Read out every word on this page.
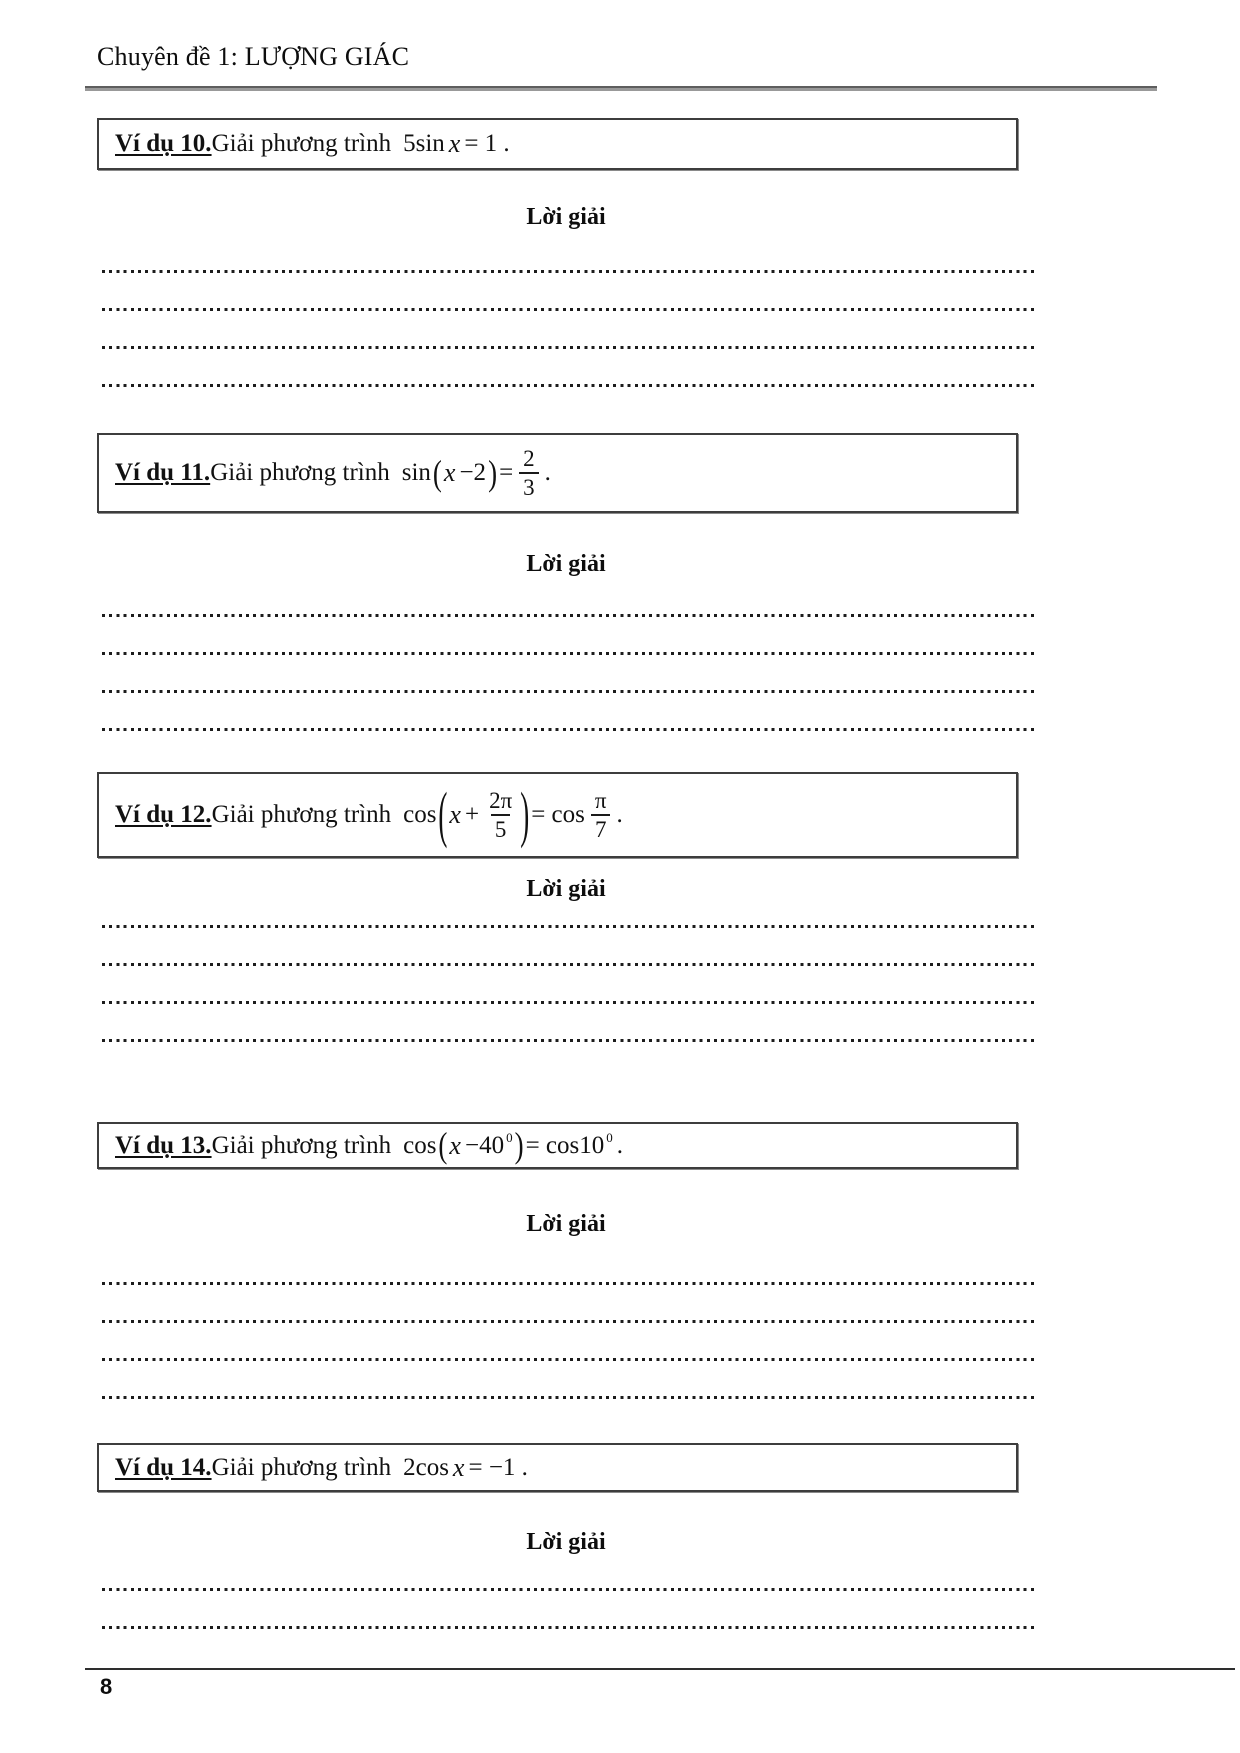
Chuyên đề 1: LƯỢNG GIÁC
Ví dụ 10. Giải phương trình 5sin x = 1 .
Lời giải
Ví dụ 11. Giải phương trình sin ( x −2 ) = $\frac{2}{3}$ .
Lời giải
Ví dụ 12. Giải phương trình cos ( $x + \frac{2\pi}{5}$ ) = $\cos \frac{\pi}{7}$ .
Lời giải
Ví dụ 13. Giải phương trình cos ( x −40 0 ) = cos10 0 .
Lời giải
Ví dụ 14. Giải phương trình 2cos x = −1 .
Lời giải
8
